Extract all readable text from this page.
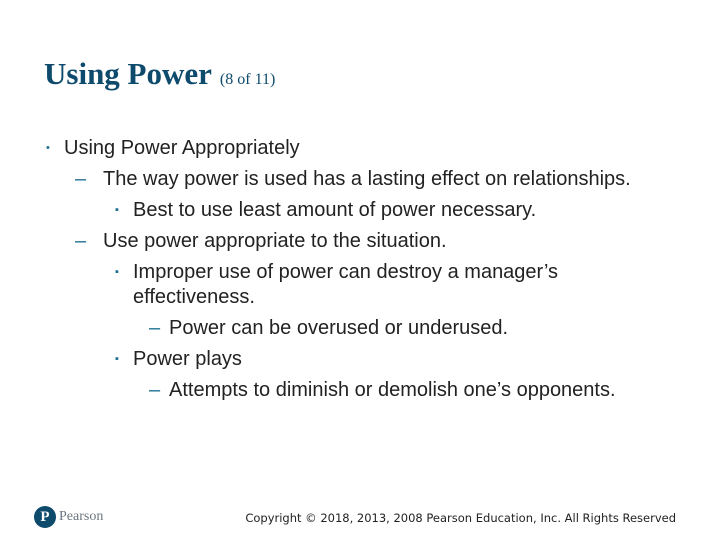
Using Power (8 of 11)
• Using Power Appropriately
– The way power is used has a lasting effect on relationships.
▪ Best to use least amount of power necessary.
– Use power appropriate to the situation.
▪ Improper use of power can destroy a manager’s
effectiveness.
– Power can be overused or underused.
▪ Power plays
– Attempts to diminish or demolish one’s opponents.
P Pearson	Copyright © 2018, 2013, 2008 Pearson Education, Inc. All Rights Reserved
